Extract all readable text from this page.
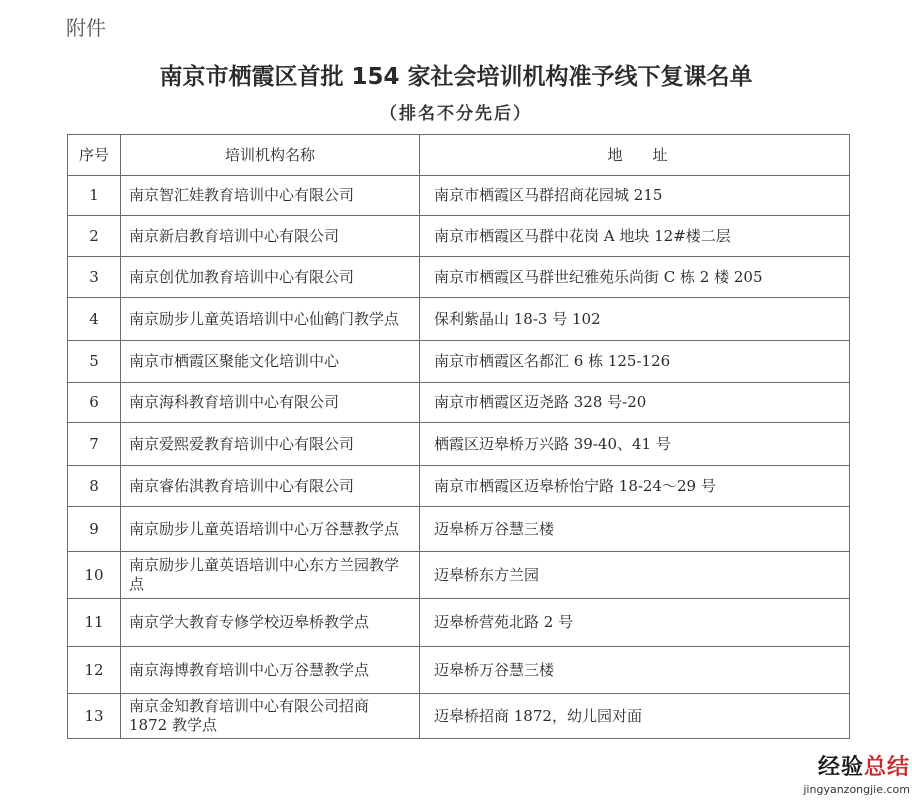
附件
南京市栖霞区首批 154 家社会培训机构准予线下复课名单
（排名不分先后）
序号	培训机构名称	地　　址
1	南京智汇娃教育培训中心有限公司	南京市栖霞区马群招商花园城 215
2	南京新启教育培训中心有限公司	南京市栖霞区马群中花岗 A 地块 12#楼二层
3	南京创优加教育培训中心有限公司	南京市栖霞区马群世纪雅苑乐尚街 C 栋 2 楼 205
4	南京励步儿童英语培训中心仙鹤门教学点	保利紫晶山 18-3 号 102
5	南京市栖霞区聚能文化培训中心	南京市栖霞区名都汇 6 栋 125-126
6	南京海科教育培训中心有限公司	南京市栖霞区迈尧路 328 号-20
7	南京爱熙爱教育培训中心有限公司	栖霞区迈皋桥万兴路 39-40、41 号
8	南京睿佑淇教育培训中心有限公司	南京市栖霞区迈皋桥怡宁路 18-24～29 号
9	南京励步儿童英语培训中心万谷慧教学点	迈皋桥万谷慧三楼
10	南京励步儿童英语培训中心东方兰园教学点	迈皋桥东方兰园
11	南京学大教育专修学校迈皋桥教学点	迈皋桥营苑北路 2 号
12	南京海博教育培训中心万谷慧教学点	迈皋桥万谷慧三楼
13	南京金知教育培训中心有限公司招商 1872 教学点	迈皋桥招商 1872，幼儿园对面
经验总结
jingyanzongjie.com
